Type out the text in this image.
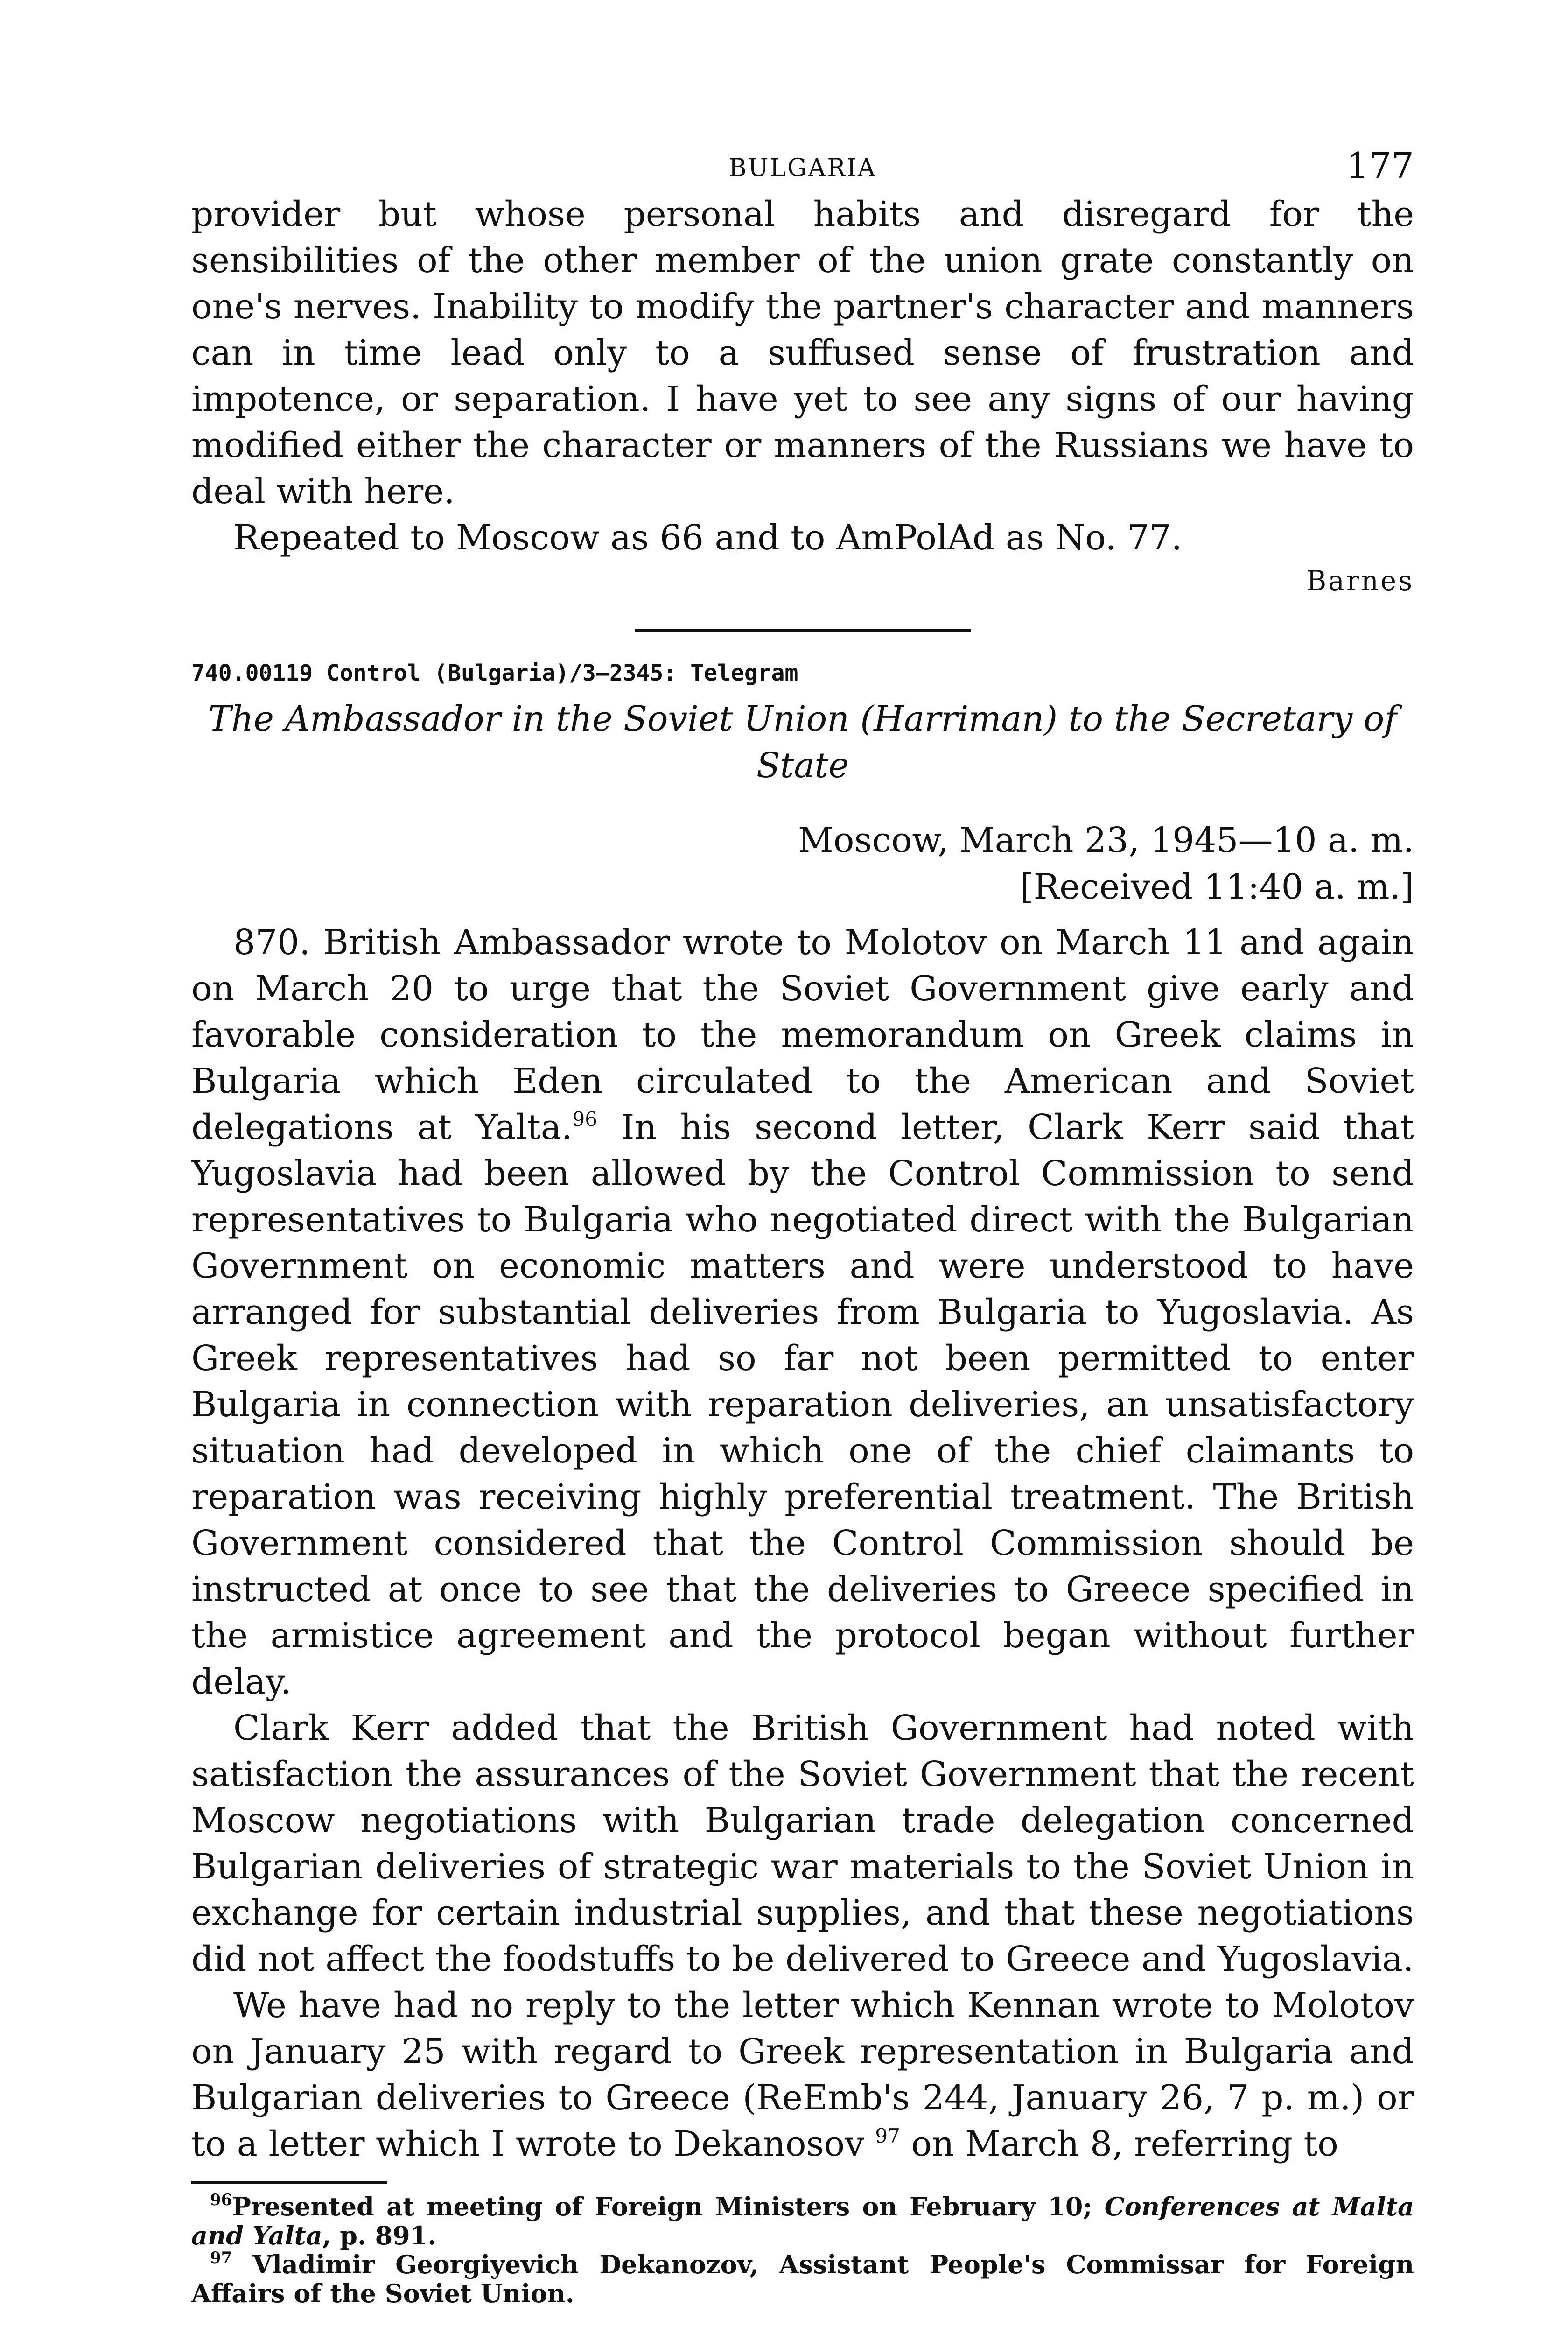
BULGARIA	177

provider but whose personal habits and disregard for the sensibilities of the other member of the union grate constantly on one's nerves. Inability to modify the partner's character and manners can in time lead only to a suffused sense of frustration and impotence, or separation. I have yet to see any signs of our having modified either the character or manners of the Russians we have to deal with here.

Repeated to Moscow as 66 and to AmPolAd as No. 77.

Barnes
740.00119 Control (Bulgaria)/3–2345: Telegram
The Ambassador in the Soviet Union (Harriman) to the Secretary of State
Moscow, March 23, 1945—10 a. m.
[Received 11:40 a. m.]

870. British Ambassador wrote to Molotov on March 11 and again on March 20 to urge that the Soviet Government give early and favorable consideration to the memorandum on Greek claims in Bulgaria which Eden circulated to the American and Soviet delegations at Yalta.$^{96}$ In his second letter, Clark Kerr said that Yugoslavia had been allowed by the Control Commission to send representatives to Bulgaria who negotiated direct with the Bulgarian Government on economic matters and were understood to have arranged for substantial deliveries from Bulgaria to Yugoslavia. As Greek representatives had so far not been permitted to enter Bulgaria in connection with reparation deliveries, an unsatisfactory situation had developed in which one of the chief claimants to reparation was receiving highly preferential treatment. The British Government considered that the Control Commission should be instructed at once to see that the deliveries to Greece specified in the armistice agreement and the protocol began without further delay.

Clark Kerr added that the British Government had noted with satisfaction the assurances of the Soviet Government that the recent Moscow negotiations with Bulgarian trade delegation concerned Bulgarian deliveries of strategic war materials to the Soviet Union in exchange for certain industrial supplies, and that these negotiations did not affect the foodstuffs to be delivered to Greece and Yugoslavia.

We have had no reply to the letter which Kennan wrote to Molotov on January 25 with regard to Greek representation in Bulgaria and Bulgarian deliveries to Greece (ReEmb's 244, January 26, 7 p. m.) or to a letter which I wrote to Dekanosov $^{97}$ on March 8, referring to

$^{96}$Presented at meeting of Foreign Ministers on February 10; Conferences at Malta and Yalta, p. 891.

$^{97}$ Vladimir Georgiyevich Dekanozov, Assistant People's Commissar for Foreign Affairs of the Soviet Union.
